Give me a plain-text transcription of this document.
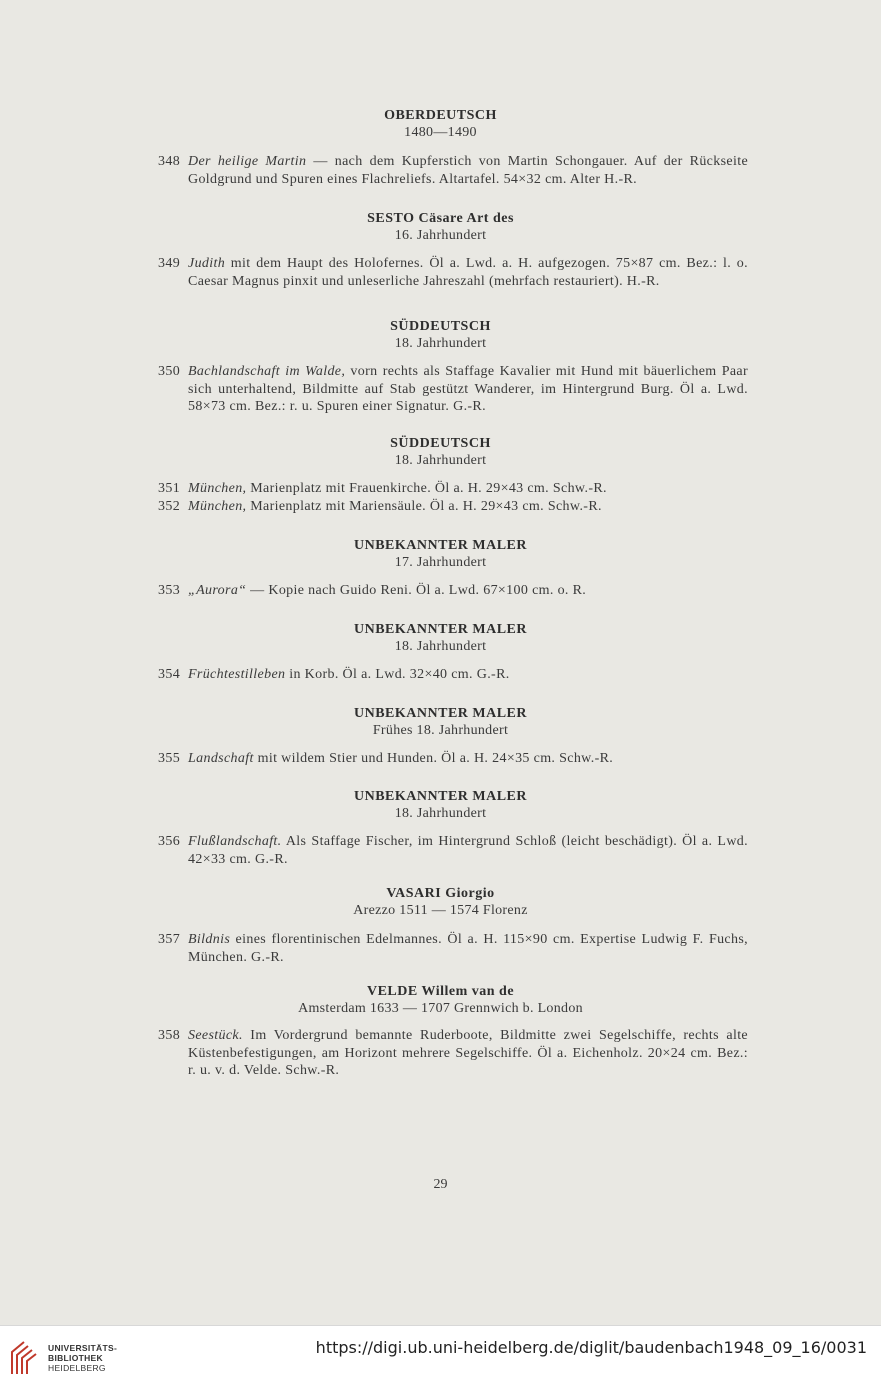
OBERDEUTSCH
1480—1490
348 Der heilige Martin — nach dem Kupferstich von Martin Schongauer. Auf der Rückseite Goldgrund und Spuren eines Flachreliefs. Altartafel. 54×32 cm. Alter H.-R.
SESTO Cäsare Art des
16. Jahrhundert
349 Judith mit dem Haupt des Holofernes. Öl a. Lwd. a. H. aufgezogen. 75×87 cm. Bez.: l. o. Caesar Magnus pinxit und unleserliche Jahreszahl (mehrfach restauriert). H.-R.
SÜDDEUTSCH
18. Jahrhundert
350 Bachlandschaft im Walde, vorn rechts als Staffage Kavalier mit Hund mit bäuerlichem Paar sich unterhaltend, Bildmitte auf Stab gestützt Wanderer, im Hintergrund Burg. Öl a. Lwd. 58×73 cm. Bez.: r. u. Spuren einer Signatur. G.-R.
SÜDDEUTSCH
18. Jahrhundert
351 München, Marienplatz mit Frauenkirche. Öl a. H. 29×43 cm. Schw.-R.
352 München, Marienplatz mit Mariensäule. Öl a. H. 29×43 cm. Schw.-R.
UNBEKANNTER MALER
17. Jahrhundert
353 „Aurora“ — Kopie nach Guido Reni. Öl a. Lwd. 67×100 cm. o. R.
UNBEKANNTER MALER
18. Jahrhundert
354 Früchtestilleben in Korb. Öl a. Lwd. 32×40 cm. G.-R.
UNBEKANNTER MALER
Frühes 18. Jahrhundert
355 Landschaft mit wildem Stier und Hunden. Öl a. H. 24×35 cm. Schw.-R.
UNBEKANNTER MALER
18. Jahrhundert
356 Flußlandschaft. Als Staffage Fischer, im Hintergrund Schloß (leicht beschädigt). Öl a. Lwd. 42×33 cm. G.-R.
VASARI Giorgio
Arezzo 1511 — 1574 Florenz
357 Bildnis eines florentinischen Edelmannes. Öl a. H. 115×90 cm. Expertise Ludwig F. Fuchs, München. G.-R.
VELDE Willem van de
Amsterdam 1633 — 1707 Grennwich b. London
358 Seestück. Im Vordergrund bemannte Ruderboote, Bildmitte zwei Segelschiffe, rechts alte Küstenbefestigungen, am Horizont mehrere Segelschiffe. Öl a. Eichenholz. 20×24 cm. Bez.: r. u. v. d. Velde. Schw.-R.
29
UNIVERSITÄTS-
BIBLIOTHEK
HEIDELBERG
https://digi.ub.uni-heidelberg.de/diglit/baudenbach1948_09_16/0031
